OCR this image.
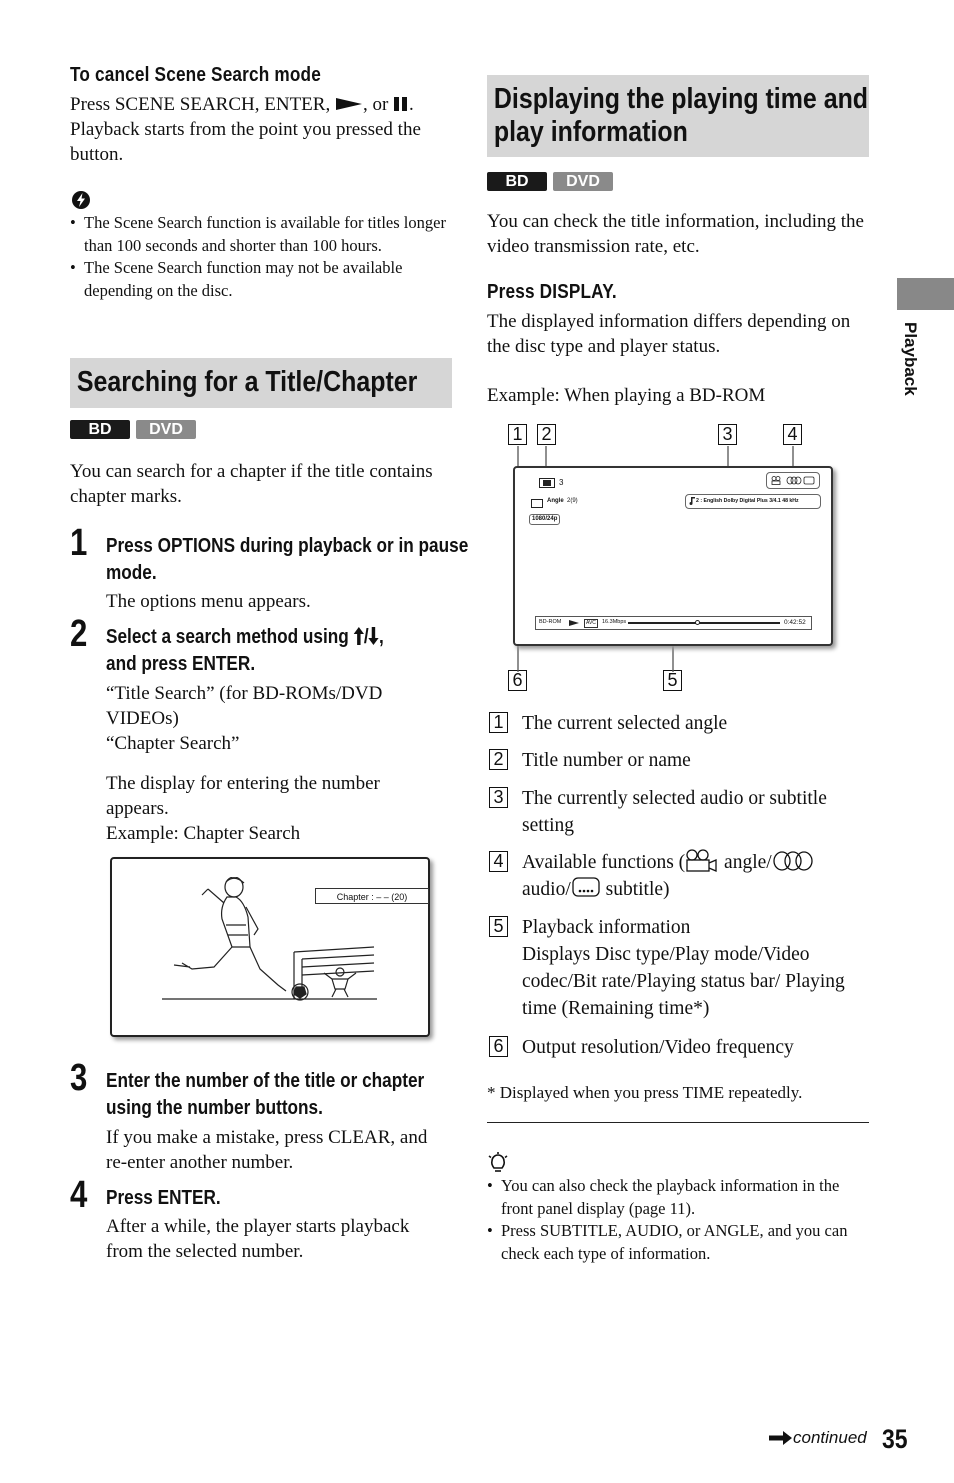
To cancel Scene Search mode
Press SCENE SEARCH, ENTER, , or .
Playback starts from the point you pressed the button.
• The Scene Search function is available for titles longer than 100 seconds and shorter than 100 hours.
• The Scene Search function may not be available depending on the disc.
Searching for a Title/Chapter
BD DVD
You can search for a chapter if the title contains chapter marks.
1 Press OPTIONS during playback or in pause mode.
The options menu appears.
2 Select a search method using / ,
and press ENTER.
“Title Search” (for BD-ROMs/DVD VIDEOs)
“Chapter Search”
The display for entering the number appears.
Example: Chapter Search
Chapter : – – (20)
3 Enter the number of the title or chapter using the number buttons.
If you make a mistake, press CLEAR, and re-enter another number.
4 Press ENTER.
After a while, the player starts playback from the selected number.
Displaying the playing time and
play information
BD DVD
You can check the title information, including the video transmission rate, etc.
Press DISPLAY.
The displayed information differs depending on the disc type and player status.
Example: When playing a BD-ROM
1 2	3	4
5
6
3
Angle 2(9)	2 : English Dolby Digital Plus 3/4.1 48 kHz
1080/24p
BD-ROM	AVC	16.3Mbps	0:42:52
1 The current selected angle
2 Title number or name
3 The currently selected audio or subtitle setting
4 Available functions ( angle/
audio/ subtitle)
5 Playback information
Displays Disc type/Play mode/Video codec/Bit rate/Playing status bar/ Playing time (Remaining time*)
6 Output resolution/Video frequency
* Displayed when you press TIME repeatedly.
• You can also check the playback information in the front panel display (page 11).
• Press SUBTITLE, AUDIO, or ANGLE, and you can check each type of information.
Playback
continued 35
